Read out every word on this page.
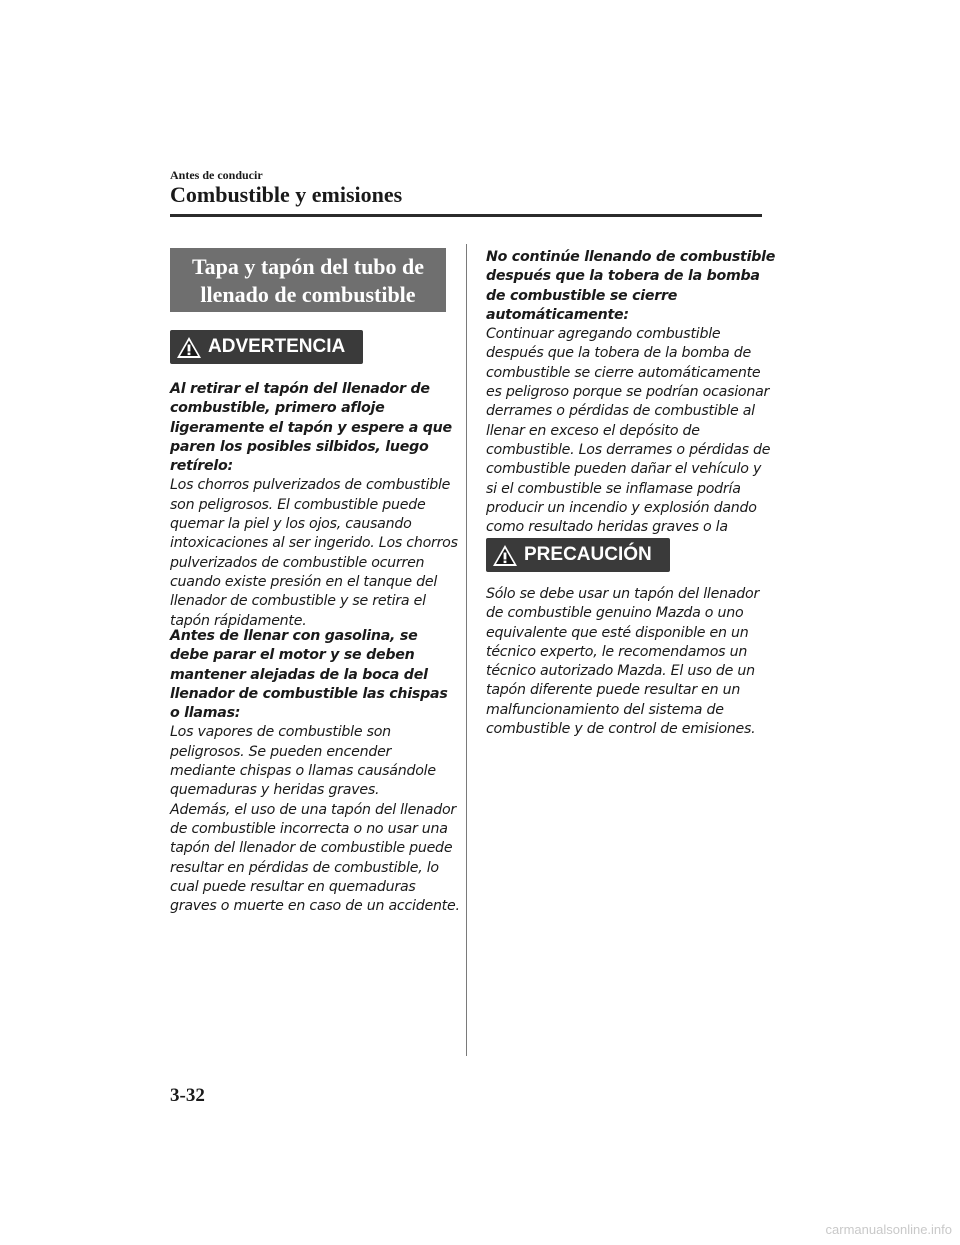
Antes de conducir
Combustible y emisiones
Tapa y tapón del tubo de
llenado de combustible
ADVERTENCIA

Al retirar el tapón del llenador de combustible, primero afloje ligeramente el tapón y espere a que paren los posibles silbidos, luego retírelo:

Los chorros pulverizados de combustible son peligrosos. El combustible puede quemar la piel y los ojos, causando intoxicaciones al ser ingerido. Los chorros pulverizados de combustible ocurren cuando existe presión en el tanque del llenador de combustible y se retira el tapón rápidamente.

Antes de llenar con gasolina, se debe parar el motor y se deben mantener alejadas de la boca del llenador de combustible las chispas o llamas:

Los vapores de combustible son peligrosos. Se pueden encender mediante chispas o llamas causándole quemaduras y heridas graves.

Además, el uso de una tapón del llenador de combustible incorrecta o no usar una tapón del llenador de combustible puede resultar en pérdidas de combustible, lo cual puede resultar en quemaduras graves o muerte en caso de un accidente.

No continúe llenando de combustible después que la tobera de la bomba de combustible se cierre automáticamente:

Continuar agregando combustible después que la tobera de la bomba de combustible se cierre automáticamente es peligroso porque se podrían ocasionar derrames o pérdidas de combustible al llenar en exceso el depósito de combustible. Los derrames o pérdidas de combustible pueden dañar el vehículo y si el combustible se inflamase podría producir un incendio y explosión dando como resultado heridas graves o la

PRECAUCIÓN

Sólo se debe usar un tapón del llenador de combustible genuino Mazda o uno equivalente que esté disponible en un técnico experto, le recomendamos un técnico autorizado Mazda. El uso de un tapón diferente puede resultar en un malfuncionamiento del sistema de combustible y de control de emisiones.

3-32
carmanualsonline.info
